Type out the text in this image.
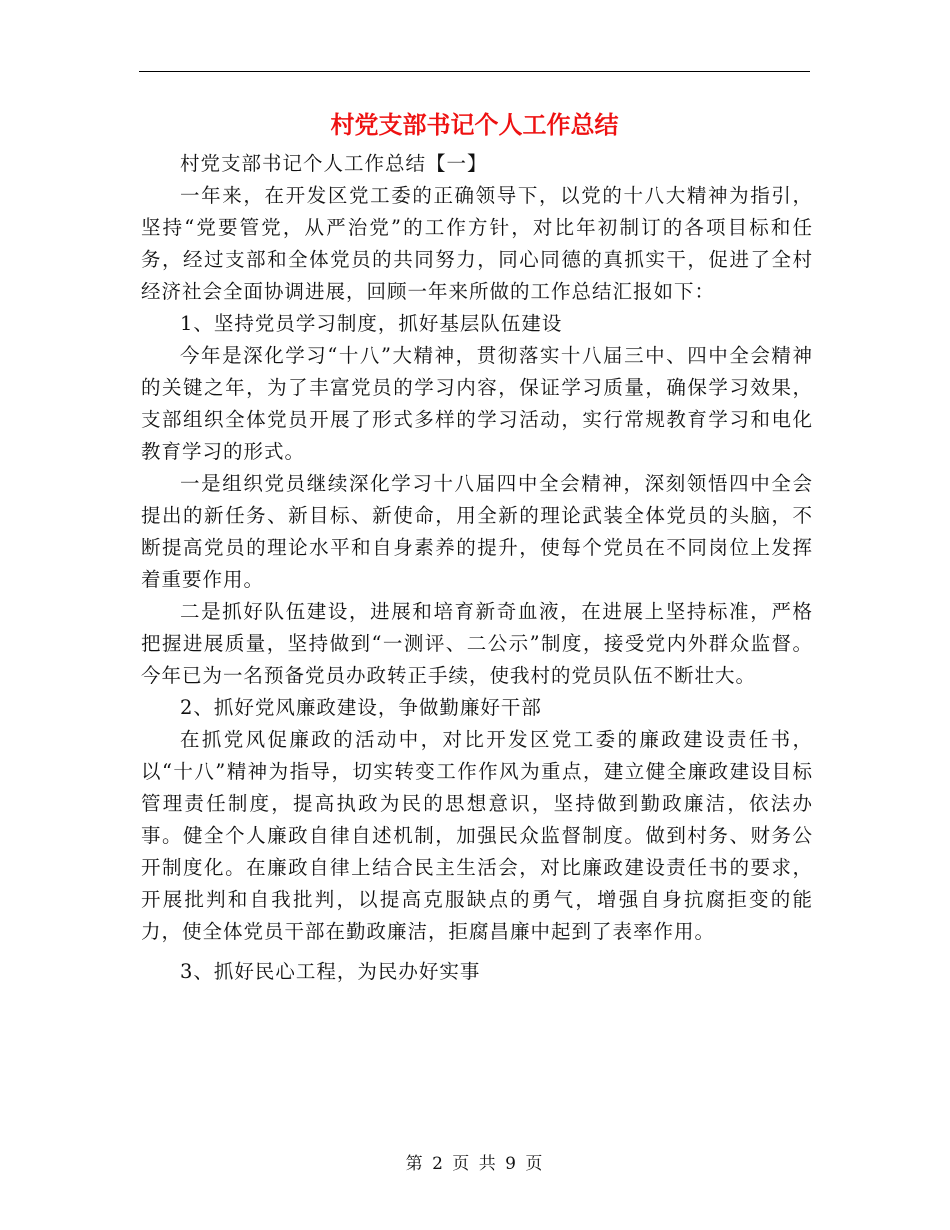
村党支部书记个人工作总结

村党支部书记个人工作总结【一】

一年来，在开发区党工委的正确领导下，以党的十八大精神为指引，坚持“党要管党，从严治党”的工作方针，对比年初制订的各项目标和任务，经过支部和全体党员的共同努力，同心同德的真抓实干，促进了全村经济社会全面协调进展，回顾一年来所做的工作总结汇报如下：

1、坚持党员学习制度，抓好基层队伍建设

今年是深化学习“十八”大精神，贯彻落实十八届三中、四中全会精神的关键之年，为了丰富党员的学习内容，保证学习质量，确保学习效果，支部组织全体党员开展了形式多样的学习活动，实行常规教育学习和电化教育学习的形式。

一是组织党员继续深化学习十八届四中全会精神，深刻领悟四中全会提出的新任务、新目标、新使命，用全新的理论武装全体党员的头脑，不断提高党员的理论水平和自身素养的提升，使每个党员在不同岗位上发挥着重要作用。

二是抓好队伍建设，进展和培育新奇血液，在进展上坚持标准，严格把握进展质量，坚持做到“一测评、二公示”制度，接受党内外群众监督。今年已为一名预备党员办政转正手续，使我村的党员队伍不断壮大。

2、抓好党风廉政建设，争做勤廉好干部

在抓党风促廉政的活动中，对比开发区党工委的廉政建设责任书，以“十八”精神为指导，切实转变工作作风为重点，建立健全廉政建设目标管理责任制度，提高执政为民的思想意识，坚持做到勤政廉洁，依法办事。健全个人廉政自律自述机制，加强民众监督制度。做到村务、财务公开制度化。在廉政自律上结合民主生活会，对比廉政建设责任书的要求，开展批判和自我批判，以提高克服缺点的勇气，增强自身抗腐拒变的能力，使全体党员干部在勤政廉洁，拒腐昌廉中起到了表率作用。

3、抓好民心工程，为民办好实事

第 2 页 共 9 页
